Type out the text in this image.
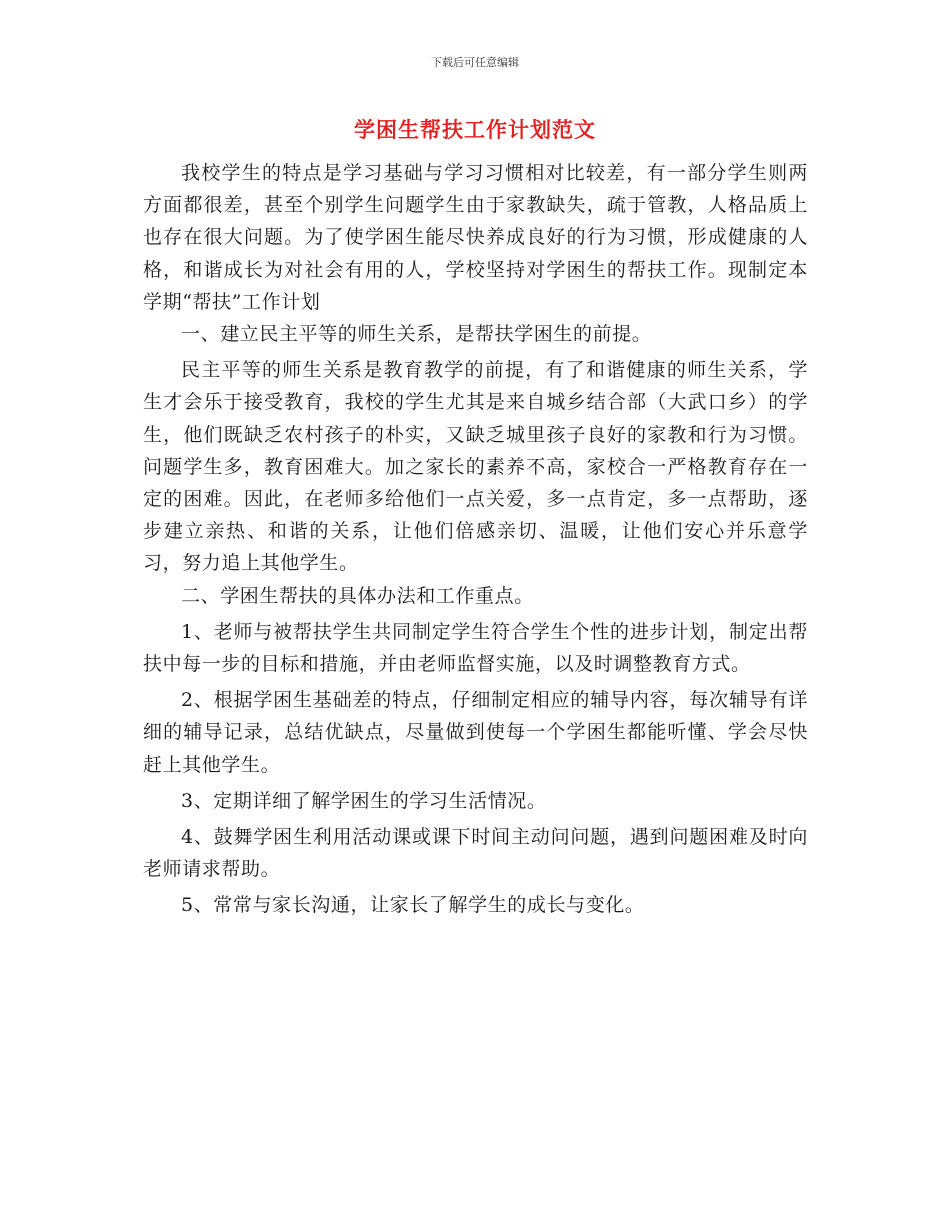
下载后可任意编辑
学困生帮扶工作计划范文

我校学生的特点是学习基础与学习习惯相对比较差，有一部分学生则两方面都很差，甚至个别学生问题学生由于家教缺失，疏于管教，人格品质上也存在很大问题。为了使学困生能尽快养成良好的行为习惯，形成健康的人格，和谐成长为对社会有用的人，学校坚持对学困生的帮扶工作。现制定本学期“帮扶”工作计划

一、建立民主平等的师生关系，是帮扶学困生的前提。

民主平等的师生关系是教育教学的前提，有了和谐健康的师生关系，学生才会乐于接受教育，我校的学生尤其是来自城乡结合部（大武口乡）的学生，他们既缺乏农村孩子的朴实，又缺乏城里孩子良好的家教和行为习惯。问题学生多，教育困难大。加之家长的素养不高，家校合一严格教育存在一定的困难。因此，在老师多给他们一点关爱，多一点肯定，多一点帮助，逐步建立亲热、和谐的关系，让他们倍感亲切、温暖，让他们安心并乐意学习，努力追上其他学生。

二、学困生帮扶的具体办法和工作重点。

1、老师与被帮扶学生共同制定学生符合学生个性的进步计划，制定出帮扶中每一步的目标和措施，并由老师监督实施，以及时调整教育方式。

2、根据学困生基础差的特点，仔细制定相应的辅导内容，每次辅导有详细的辅导记录，总结优缺点，尽量做到使每一个学困生都能听懂、学会尽快赶上其他学生。

3、定期详细了解学困生的学习生活情况。

4、鼓舞学困生利用活动课或课下时间主动问问题，遇到问题困难及时向老师请求帮助。

5、常常与家长沟通，让家长了解学生的成长与变化。
